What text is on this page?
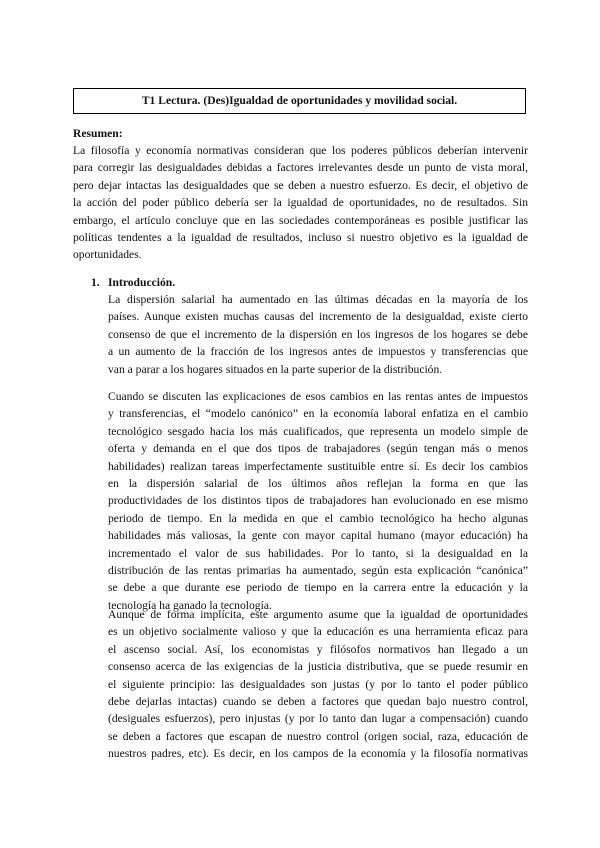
T1 Lectura. (Des)Igualdad de oportunidades y movilidad social.
Resumen:
La filosofía y economía normativas consideran que los poderes públicos deberían intervenir
para corregir las desigualdades debidas a factores irrelevantes desde un punto de vista moral,
pero dejar intactas las desigualdades que se deben a nuestro esfuerzo. Es decir, el objetivo de
la acción del poder público debería ser la igualdad de oportunidades, no de resultados. Sin
embargo, el artículo concluye que en las sociedades contemporáneas es posible justificar las
políticas tendentes a la igualdad de resultados, incluso si nuestro objetivo es la igualdad de
oportunidades.
1. Introducción.
La dispersión salarial ha aumentado en las últimas décadas en la mayoría de los
países. Aunque existen muchas causas del incremento de la desigualdad, existe cierto
consenso de que el incremento de la dispersión en los ingresos de los hogares se debe
a un aumento de la fracción de los ingresos antes de impuestos y transferencias que
van a parar a los hogares situados en la parte superior de la distribución.
Cuando se discuten las explicaciones de esos cambios en las rentas antes de impuestos
y transferencias, el “modelo canónico” en la economía laboral enfatiza en el cambio
tecnológico sesgado hacia los más cualificados, que representa un modelo simple de
oferta y demanda en el que dos tipos de trabajadores (según tengan más o menos
habilidades) realizan tareas imperfectamente sustituible entre sí. Es decir los cambios
en la dispersión salarial de los últimos años reflejan la forma en que las
productividades de los distintos tipos de trabajadores han evolucionado en ese mismo
periodo de tiempo. En la medida en que el cambio tecnológico ha hecho algunas
habilidades más valiosas, la gente con mayor capital humano (mayor educación) ha
incrementado el valor de sus habilidades. Por lo tanto, si la desigualdad en la
distribución de las rentas primarias ha aumentado, según esta explicación “canónica”
se debe a que durante ese periodo de tiempo en la carrera entre la educación y la
tecnología ha ganado la tecnología.
Aunque de forma implícita, este argumento asume que la igualdad de oportunidades
es un objetivo socialmente valioso y que la educación es una herramienta eficaz para
el ascenso social. Así, los economistas y filósofos normativos han llegado a un
consenso acerca de las exigencias de la justicia distributiva, que se puede resumir en
el siguiente principio: las desigualdades son justas (y por lo tanto el poder público
debe dejarlas intactas) cuando se deben a factores que quedan bajo nuestro control,
(desiguales esfuerzos), pero injustas (y por lo tanto dan lugar a compensación) cuando
se deben a factores que escapan de nuestro control (origen social, raza, educación de
nuestros padres, etc). Es decir, en los campos de la economía y la filosofía normativas
